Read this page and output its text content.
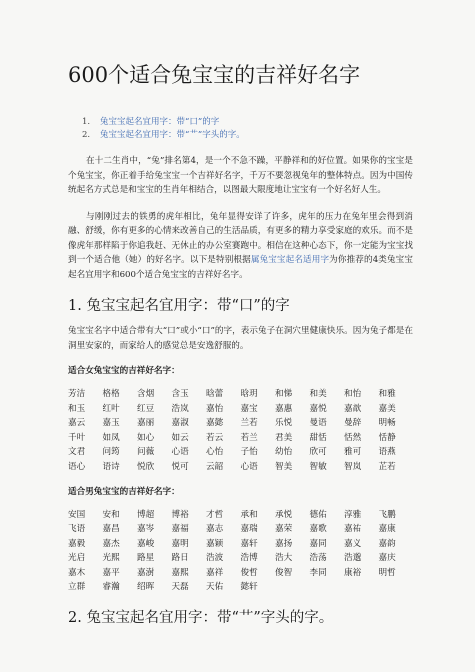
600个适合兔宝宝的吉祥好名字
1.	兔宝宝起名宜用字：带“口”的字
2.	兔宝宝起名宜用字：带“艹”字头的字。

在十二生肖中，“兔”排名第4，是一个不急不躁，平静祥和的好位置。如果你的宝宝是个兔宝宝，你正着手给兔宝宝一个吉祥好名字，千万不要忽视兔年的整体特点。因为中国传统起名方式总是和宝宝的生肖年相结合，以图最大限度地让宝宝有一个好名好人生。

与刚刚过去的铁勇的虎年相比，兔年显得安详了许多，虎年的压力在兔年里会得到消融、舒缓，你有更多的心情来改善自己的生活品质，有更多的精力享受家庭的欢乐。而不是像虎年那样陷于你追我赶、无休止的办公室赛跑中。相信在这种心态下，你一定能为宝宝找到一个适合他（她）的好名字。以下是特别根据属兔宝宝起名适用字为你推荐的4类兔宝宝起名宜用字和600个适合兔宝宝的吉祥好名字。

1. 兔宝宝起名宜用字：带“口”的字

兔宝宝名字中适合带有大“口”或小“口”的字，表示兔子在洞穴里健康快乐。因为兔子都是在洞里安家的，而家给人的感觉总是安逸舒服的。

适合女兔宝宝的吉祥好名字：

芳洁	格格	含烟	含玉	晗蕾	晗玥	和悌	和美	和怡	和雅
和玉	红叶	红豆	浩岚	嘉怡	嘉宝	嘉惠	嘉悦	嘉歆	嘉美
嘉云	嘉玉	嘉丽	嘉淑	嘉懿	兰若	乐悦	曼语	曼辞	明畅
千叶	如凤	如心	如云	若云	若兰	君美	甜恬	恬然	恬静
文君	问筠	问薇	心语	心怡	子怡	幼怡	欣可	雅可	语燕
语心	语诗	悦欣	悦可	云韶	心语	智美	智敏	智岚	芷若

适合男兔宝宝的吉祥好名字：

安国	安和	博超	博裕	才哲	承和	承悦	德佑	淳雅	飞鹏
飞语	嘉昌	嘉岑	嘉福	嘉志	嘉瑞	嘉荣	嘉歌	嘉祐	嘉康
嘉毅	嘉杰	嘉峻	嘉明	嘉颖	嘉轩	嘉扬	嘉同	嘉义	嘉韵
光启	光熙	路星	路日	浩波	浩博	浩大	浩荡	浩邈	嘉庆
嘉木	嘉平	嘉澍	嘉熙	嘉祥	俊哲	俊智	李同	康裕	明哲
立群	睿瀚	绍晖	天磊	天佑	懿轩
2. 兔宝宝起名宜用字：带“艹”字头的字。
